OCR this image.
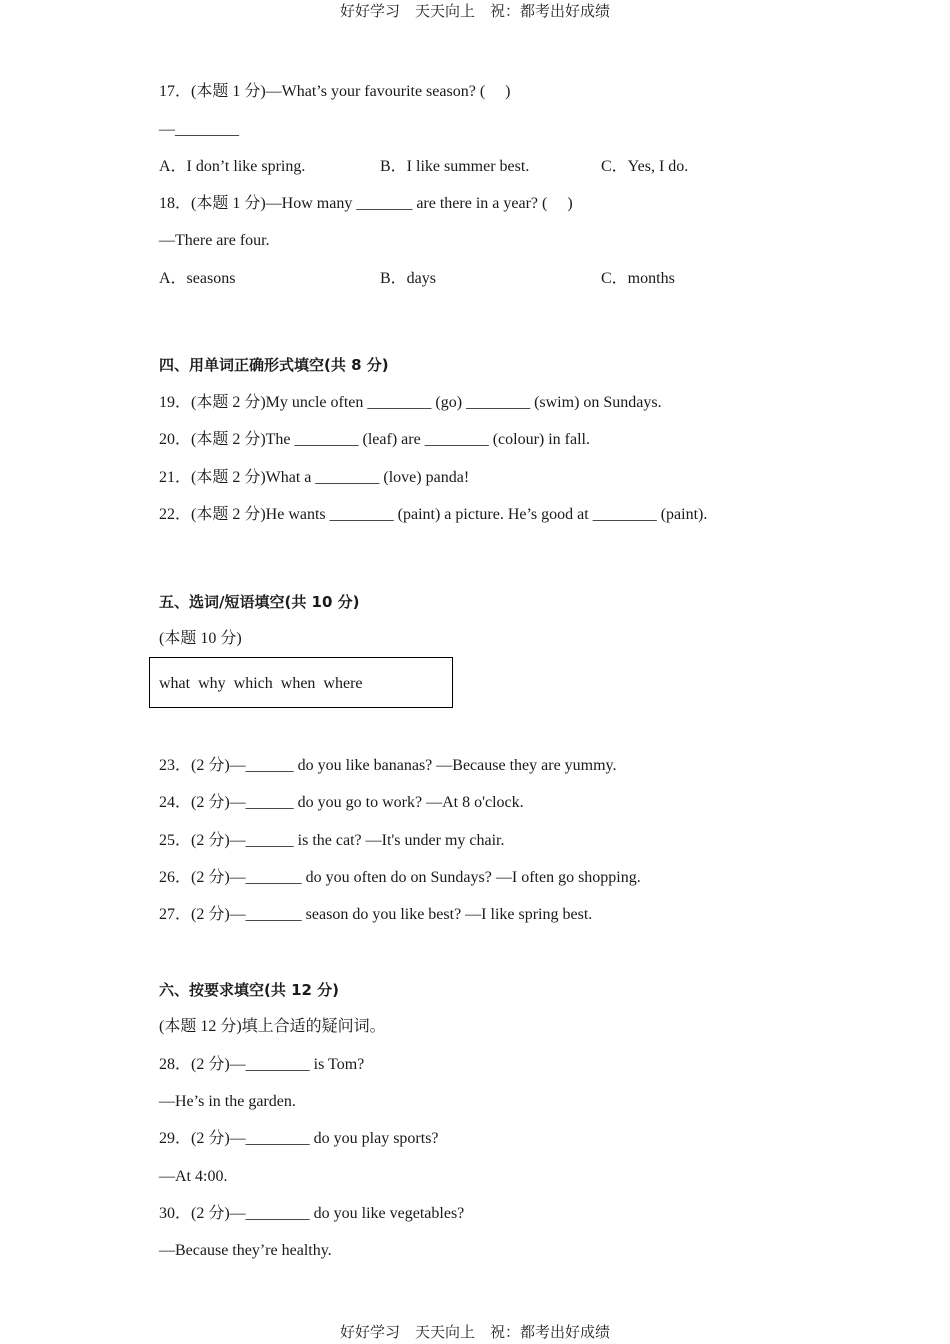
好好学习　天天向上　祝：都考出好成绩
17．(本题 1 分)—What’s your favourite season? (　 )
—________
A．I don’t like spring.	B．I like summer best.	C．Yes, I do.
18．(本题 1 分)—How many _______ are there in a year? (　 )
—There are four.
A．seasons	B．days	C．months
四、用单词正确形式填空(共 8 分)
19．(本题 2 分)My uncle often ________ (go) ________ (swim) on Sundays.
20．(本题 2 分)The ________ (leaf) are ________ (colour) in fall.
21．(本题 2 分)What a ________ (love) panda!
22．(本题 2 分)He wants ________ (paint) a picture. He’s good at ________ (paint).
五、选词/短语填空(共 10 分)
(本题 10 分)
what  why  which  when  where
23．(2 分)—______ do you like bananas? —Because they are yummy.
24．(2 分)—______ do you go to work? —At 8 o'clock.
25．(2 分)—______ is the cat? —It's under my chair.
26．(2 分)—_______ do you often do on Sundays? —I often go shopping.
27．(2 分)—_______ season do you like best? —I like spring best.
六、按要求填空(共 12 分)
(本题 12 分)填上合适的疑问词。
28．(2 分)—________ is Tom?
—He’s in the garden.
29．(2 分)—________ do you play sports?
—At 4:00.
30．(2 分)—________ do you like vegetables?
—Because they’re healthy.
好好学习　天天向上　祝：都考出好成绩
